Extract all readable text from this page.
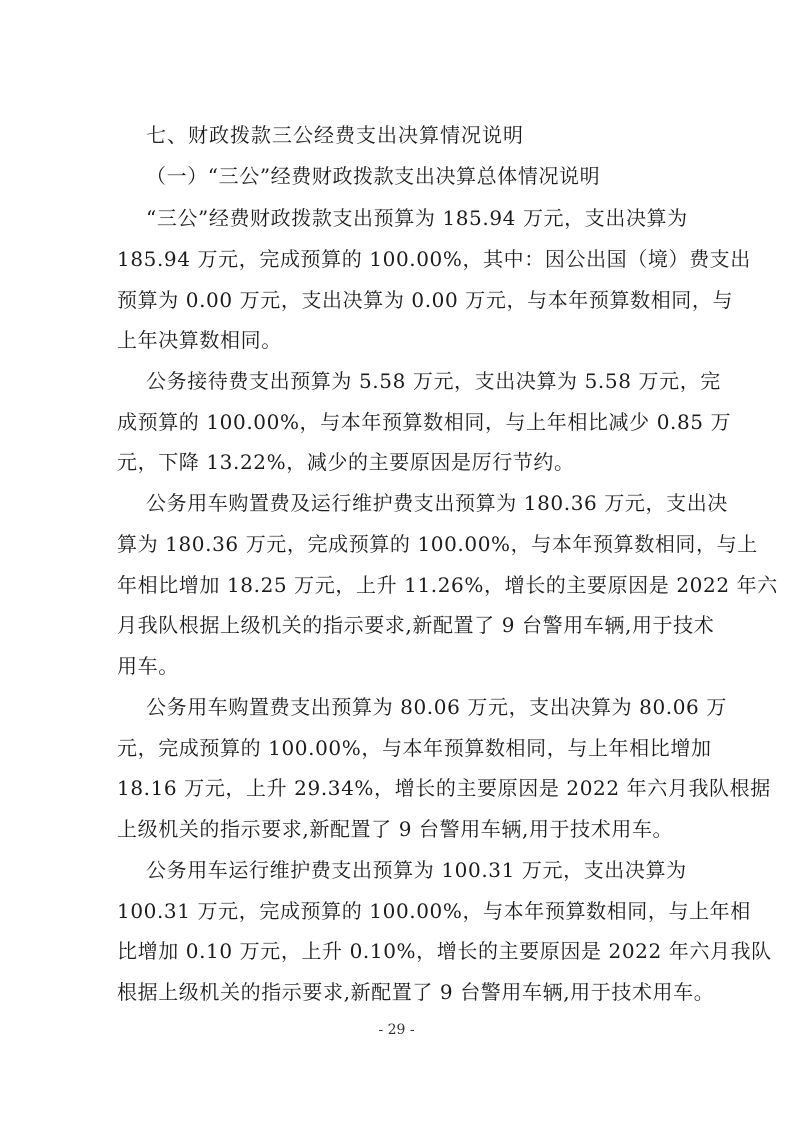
七、财政拨款三公经费支出决算情况说明
（一）“三公”经费财政拨款支出决算总体情况说明
“三公”经费财政拨款支出预算为 185.94 万元，支出决算为
185.94 万元，完成预算的 100.00%，其中：因公出国（境）费支出
预算为 0.00 万元，支出决算为 0.00 万元，与本年预算数相同，与
上年决算数相同。
公务接待费支出预算为 5.58 万元，支出决算为 5.58 万元，完
成预算的 100.00%，与本年预算数相同，与上年相比减少 0.85 万
元，下降 13.22%，减少的主要原因是厉行节约。
公务用车购置费及运行维护费支出预算为 180.36 万元，支出决
算为 180.36 万元，完成预算的 100.00%，与本年预算数相同，与上
年相比增加 18.25 万元，上升 11.26%，增长的主要原因是 2022 年六
月我队根据上级机关的指示要求,新配置了 9 台警用车辆,用于技术
用车。
公务用车购置费支出预算为 80.06 万元，支出决算为 80.06 万
元，完成预算的 100.00%，与本年预算数相同，与上年相比增加
18.16 万元，上升 29.34%，增长的主要原因是 2022 年六月我队根据
上级机关的指示要求,新配置了 9 台警用车辆,用于技术用车。
公务用车运行维护费支出预算为 100.31 万元，支出决算为
100.31 万元，完成预算的 100.00%，与本年预算数相同，与上年相
比增加 0.10 万元，上升 0.10%，增长的主要原因是 2022 年六月我队
根据上级机关的指示要求,新配置了 9 台警用车辆,用于技术用车。
- 29 -
